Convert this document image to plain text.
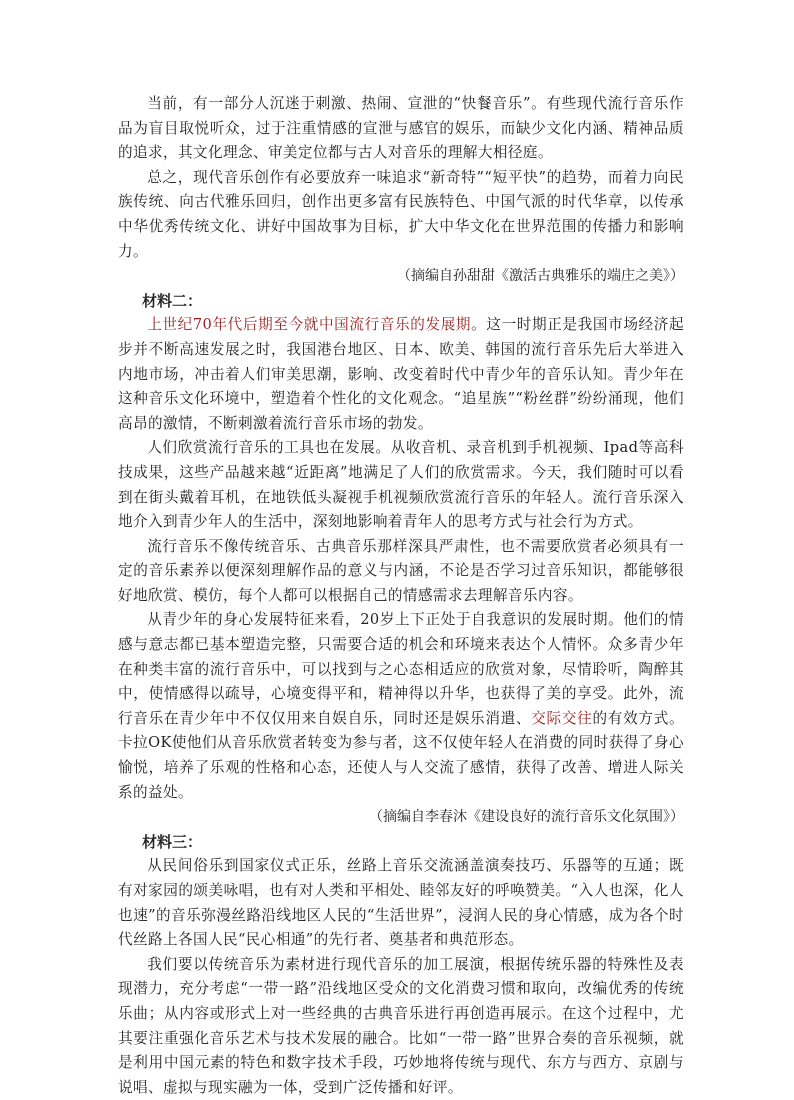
当前，有一部分人沉迷于刺激、热闹、宣泄的“快餐音乐”。有些现代流行音乐作品为盲目取悦听众，过于注重情感的宣泄与感官的娱乐，而缺少文化内涵、精神品质的追求，其文化理念、审美定位都与古人对音乐的理解大相径庭。

总之，现代音乐创作有必要放弃一味追求“新奇特”“短平快”的趋势，而着力向民族传统、向古代雅乐回归，创作出更多富有民族特色、中国气派的时代华章，以传承中华优秀传统文化、讲好中国故事为目标，扩大中华文化在世界范围的传播力和影响力。

（摘编自孙甜甜《激活古典雅乐的端庄之美》）

材料二：

上世纪70年代后期至今就中国流行音乐的发展期。这一时期正是我国市场经济起步并不断高速发展之时，我国港台地区、日本、欧美、韩国的流行音乐先后大举进入内地市场，冲击着人们审美思潮，影响、改变着时代中青少年的音乐认知。青少年在这种音乐文化环境中，塑造着个性化的文化观念。“追星族”“粉丝群”纷纷涌现，他们高昂的激情，不断刺激着流行音乐市场的勃发。

人们欣赏流行音乐的工具也在发展。从收音机、录音机到手机视频、Ipad等高科技成果，这些产品越来越“近距离”地满足了人们的欣赏需求。今天，我们随时可以看到在街头戴着耳机，在地铁低头凝视手机视频欣赏流行音乐的年轻人。流行音乐深入地介入到青少年人的生活中，深刻地影响着青年人的思考方式与社会行为方式。

流行音乐不像传统音乐、古典音乐那样深具严肃性，也不需要欣赏者必须具有一定的音乐素养以便深刻理解作品的意义与内涵，不论是否学习过音乐知识，都能够很好地欣赏、模仿，每个人都可以根据自己的情感需求去理解音乐内容。

从青少年的身心发展特征来看，20岁上下正处于自我意识的发展时期。他们的情感与意志都已基本塑造完整，只需要合适的机会和环境来表达个人情怀。众多青少年在种类丰富的流行音乐中，可以找到与之心态相适应的欣赏对象，尽情聆听，陶醉其中，使情感得以疏导，心境变得平和，精神得以升华，也获得了美的享受。此外，流行音乐在青少年中不仅仅用来自娱自乐，同时还是娱乐消遣、交际交往的有效方式。卡拉OK使他们从音乐欣赏者转变为参与者，这不仅使年轻人在消费的同时获得了身心愉悦，培养了乐观的性格和心态，还使人与人交流了感情，获得了改善、增进人际关系的益处。

（摘编自李春沐《建设良好的流行音乐文化氛围》）

材料三：

从民间俗乐到国家仪式正乐，丝路上音乐交流涵盖演奏技巧、乐器等的互通；既有对家园的颂美咏唱，也有对人类和平相处、睦邻友好的呼唤赞美。“入人也深，化人也速”的音乐弥漫丝路沿线地区人民的“生活世界”，浸润人民的身心情感，成为各个时代丝路上各国人民“民心相通”的先行者、奠基者和典范形态。

我们要以传统音乐为素材进行现代音乐的加工展演，根据传统乐器的特殊性及表现潜力，充分考虑“一带一路”沿线地区受众的文化消费习惯和取向，改编优秀的传统乐曲；从内容或形式上对一些经典的古典音乐进行再创造再展示。在这个过程中，尤其要注重强化音乐艺术与技术发展的融合。比如“一带一路”世界合奏的音乐视频，就是利用中国元素的特色和数字技术手段，巧妙地将传统与现代、东方与西方、京剧与说唱、虚拟与现实融为一体，受到广泛传播和好评。
